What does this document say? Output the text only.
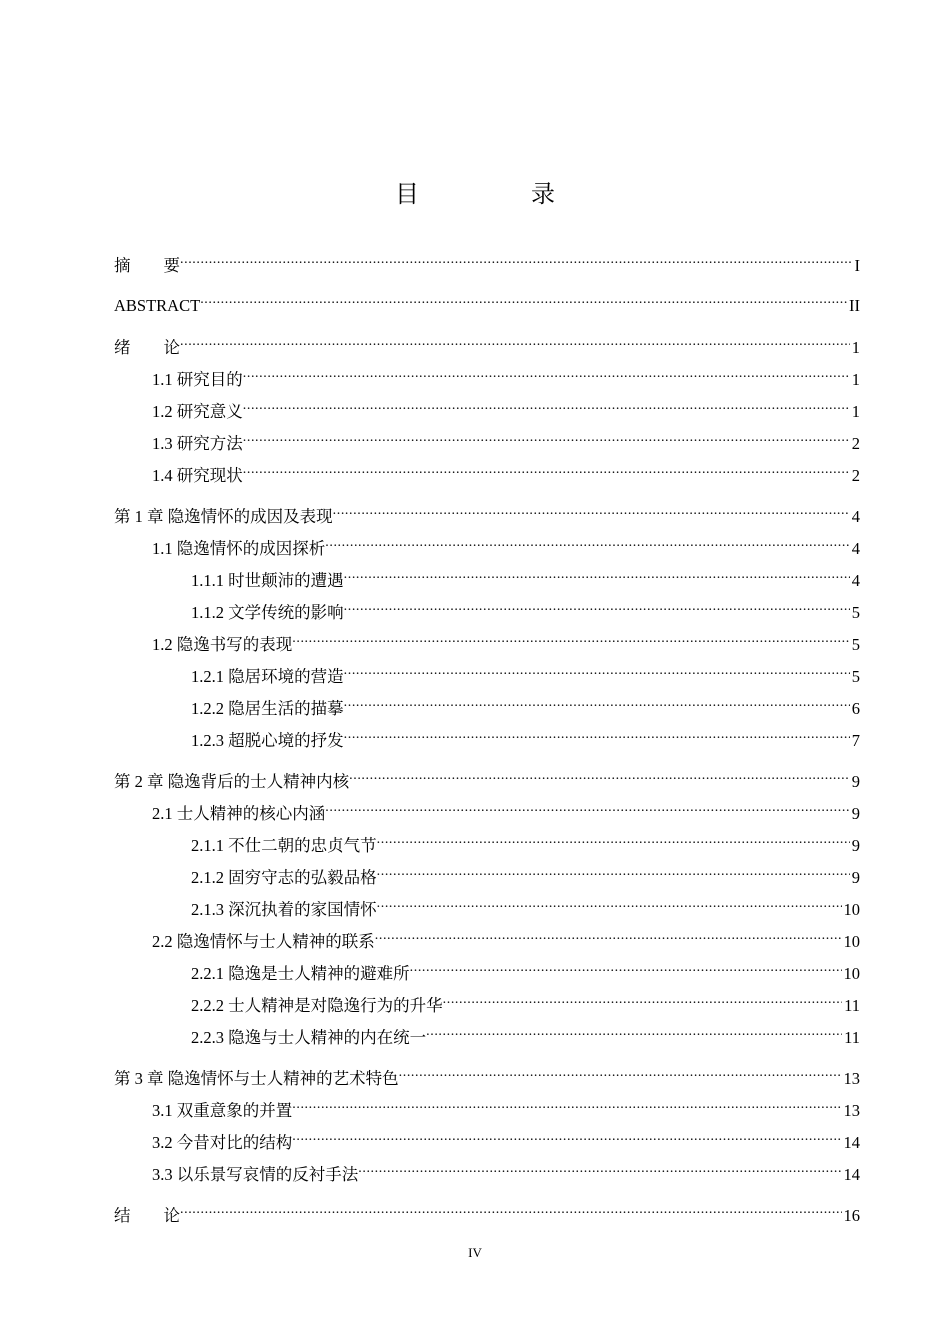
目　录
摘　　要 .....	I
ABSTRACT .....	II
绪　　论 .....	1
1.1 研究目的 .....	1
1.2 研究意义 .....	1
1.3 研究方法 .....	2
1.4 研究现状 .....	2
第 1 章 隐逸情怀的成因及表现 .....	4
1.1 隐逸情怀的成因探析 .....	4
1.1.1 时世颠沛的遭遇 .....	4
1.1.2 文学传统的影响 .....	5
1.2 隐逸书写的表现 .....	5
1.2.1 隐居环境的营造 .....	5
1.2.2 隐居生活的描摹 .....	6
1.2.3 超脱心境的抒发 .....	7
第 2 章 隐逸背后的士人精神内核 .....	9
2.1 士人精神的核心内涵 .....	9
2.1.1 不仕二朝的忠贞气节 .....	9
2.1.2 固穷守志的弘毅品格 .....	9
2.1.3 深沉执着的家国情怀 .....	10
2.2 隐逸情怀与士人精神的联系 .....	10
2.2.1 隐逸是士人精神的避难所 .....	10
2.2.2 士人精神是对隐逸行为的升华 .....	11
2.2.3 隐逸与士人精神的内在统一 .....	11
第 3 章 隐逸情怀与士人精神的艺术特色 .....	13
3.1 双重意象的并置 .....	13
3.2 今昔对比的结构 .....	14
3.3 以乐景写哀情的反衬手法 .....	14
结　　论 .....	16
IV
